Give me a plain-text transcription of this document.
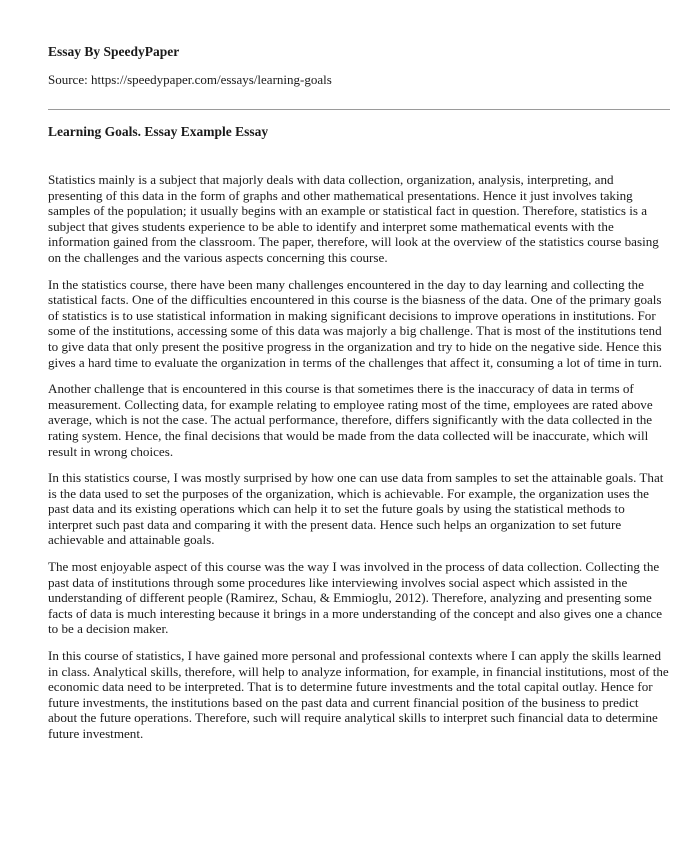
Essay By SpeedyPaper
Source: https://speedypaper.com/essays/learning-goals
Learning Goals. Essay Example Essay

Statistics mainly is a subject that majorly deals with data collection, organization, analysis, interpreting, and presenting of this data in the form of graphs and other mathematical presentations. Hence it just involves taking samples of the population; it usually begins with an example or statistical fact in question. Therefore, statistics is a subject that gives students experience to be able to identify and interpret some mathematical events with the information gained from the classroom. The paper, therefore, will look at the overview of the statistics course basing on the challenges and the various aspects concerning this course.

In the statistics course, there have been many challenges encountered in the day to day learning and collecting the statistical facts. One of the difficulties encountered in this course is the biasness of the data. One of the primary goals of statistics is to use statistical information in making significant decisions to improve operations in institutions. For some of the institutions, accessing some of this data was majorly a big challenge. That is most of the institutions tend to give data that only present the positive progress in the organization and try to hide on the negative side. Hence this gives a hard time to evaluate the organization in terms of the challenges that affect it, consuming a lot of time in turn.

Another challenge that is encountered in this course is that sometimes there is the inaccuracy of data in terms of measurement. Collecting data, for example relating to employee rating most of the time, employees are rated above average, which is not the case. The actual performance, therefore, differs significantly with the data collected in the rating system. Hence, the final decisions that would be made from the data collected will be inaccurate, which will result in wrong choices.

In this statistics course, I was mostly surprised by how one can use data from samples to set the attainable goals. That is the data used to set the purposes of the organization, which is achievable. For example, the organization uses the past data and its existing operations which can help it to set the future goals by using the statistical methods to interpret such past data and comparing it with the present data. Hence such helps an organization to set future achievable and attainable goals.

The most enjoyable aspect of this course was the way I was involved in the process of data collection. Collecting the past data of institutions through some procedures like interviewing involves social aspect which assisted in the understanding of different people (Ramirez, Schau, & Emmioglu, 2012). Therefore, analyzing and presenting some facts of data is much interesting because it brings in a more understanding of the concept and also gives one a chance to be a decision maker.

In this course of statistics, I have gained more personal and professional contexts where I can apply the skills learned in class. Analytical skills, therefore, will help to analyze information, for example, in financial institutions, most of the economic data need to be interpreted. That is to determine future investments and the total capital outlay. Hence for future investments, the institutions based on the past data and current financial position of the business to predict about the future operations. Therefore, such will require analytical skills to interpret such financial data to determine future investment.
